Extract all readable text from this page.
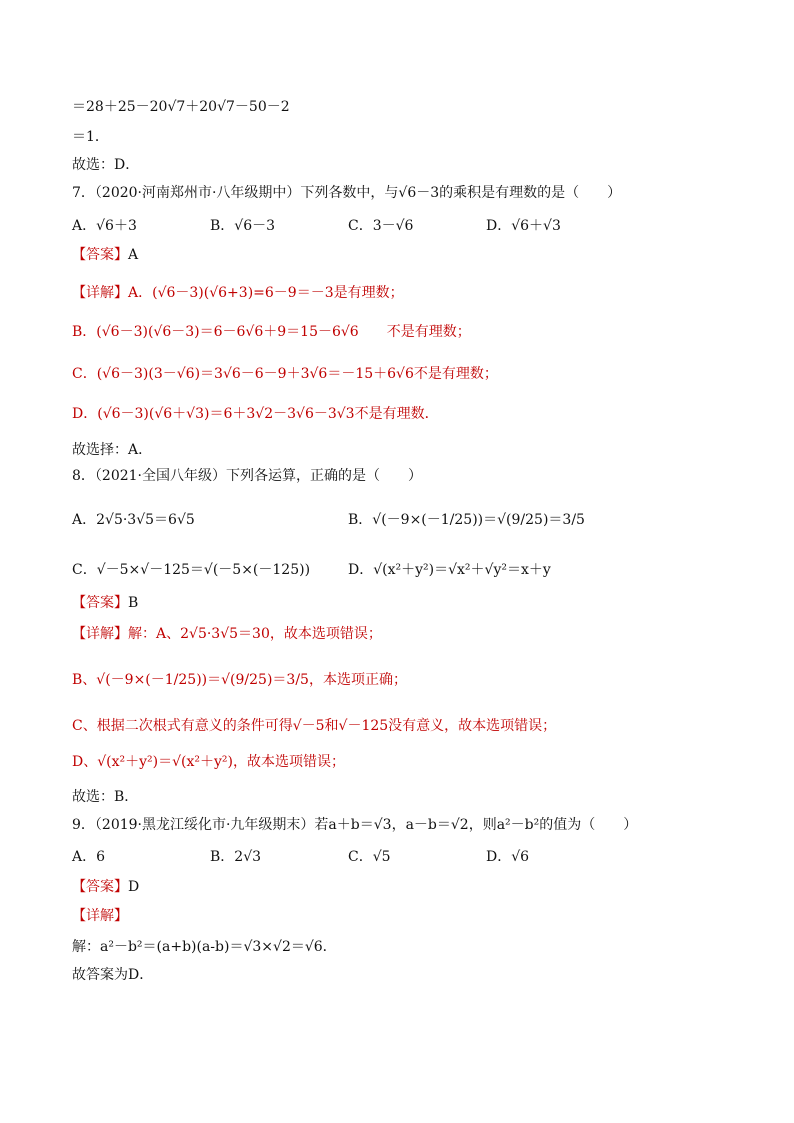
＝28＋25－20√7＋20√7－50－2
＝1．
故选：D．
7．（2020·河南郑州市·八年级期中）下列各数中，与√6－3的乘积是有理数的是（　　）
A．√6＋3	B．√6－3	C．3－√6	D．√6＋√3
【答案】A
【详解】A．(√6－3)(√6+3)=6－9＝－3是有理数；
B．(√6－3)(√6－3)＝6－6√6＋9＝15－6√6　　不是有理数；
C．(√6－3)(3－√6)＝3√6－6－9＋3√6＝－15＋6√6不是有理数；
D．(√6－3)(√6＋√3)＝6＋3√2－3√6－3√3不是有理数．
故选择：A．
8．（2021·全国八年级）下列各运算，正确的是（　　）
A．2√5·3√5＝6√5	B．√(－9×(－1/25))＝√(9/25)＝3/5
C．√－5×√－125＝√(－5×(－125))	D．√(x²＋y²)＝√x²＋√y²＝x＋y
【答案】B
【详解】解：A、2√5·3√5＝30，故本选项错误；
B、√(－9×(－1/25))＝√(9/25)＝3/5，本选项正确；
C、根据二次根式有意义的条件可得√－5和√－125没有意义，故本选项错误；
D、√(x²＋y²)＝√(x²＋y²)，故本选项错误；
故选：B．
9．（2019·黑龙江绥化市·九年级期末）若a＋b＝√3，a－b＝√2，则a²－b²的值为（　　）
A．6	B．2√3	C．√5	D．√6
【答案】D
【详解】
解：a²－b²＝(a+b)(a-b)＝√3×√2＝√6．
故答案为D．
